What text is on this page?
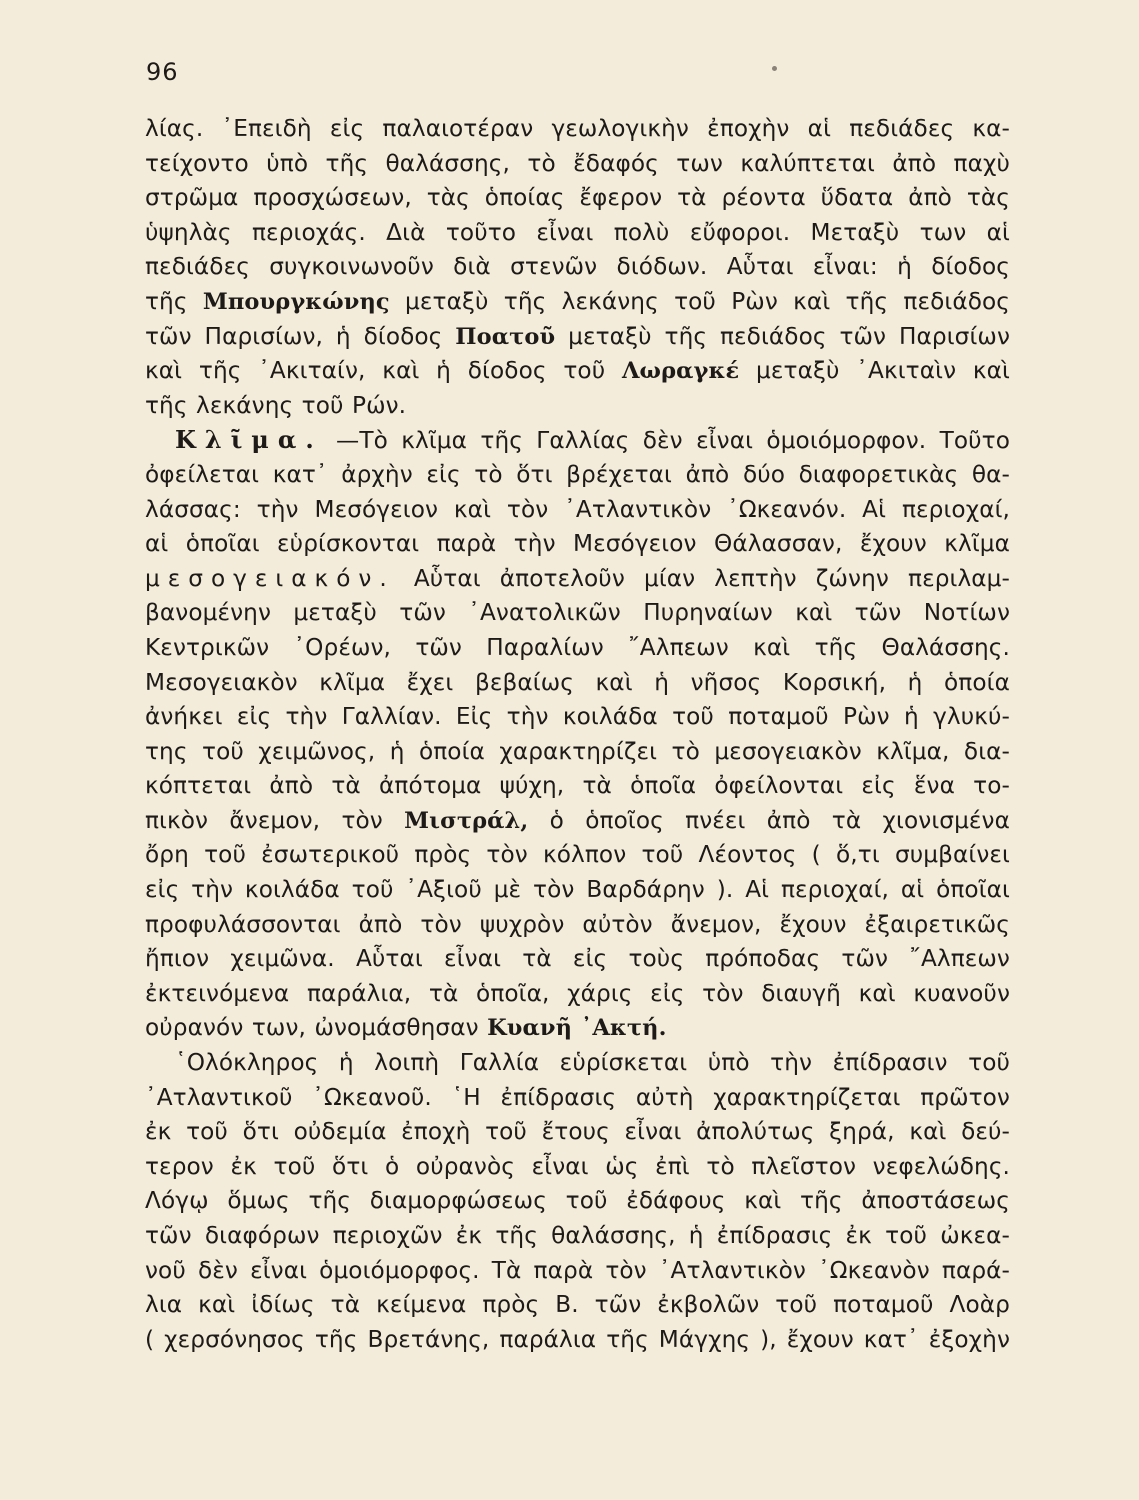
96
λίας. ᾿Επειδὴ εἰς παλαιοτέραν γεωλογικὴν ἐποχὴν αἱ πεδιάδες κα-
τείχοντο ὑπὸ τῆς θαλάσσης, τὸ ἔδαφός των καλύπτεται ἀπὸ παχὺ
στρῶμα προσχώσεων, τὰς ὁποίας ἔφερον τὰ ρέοντα ὕδατα ἀπὸ τὰς
ὑψηλὰς περιοχάς. Διὰ τοῦτο εἶναι πολὺ εὔφοροι. Μεταξὺ των αἱ
πεδιάδες συγκοινωνοῦν διὰ στενῶν διόδων. Αὗται εἶναι: ἡ δίοδος
τῆς Μπουργκώνης μεταξὺ τῆς λεκάνης τοῦ Ρὼν καὶ τῆς πεδιάδος
τῶν Παρισίων, ἡ δίοδος Ποατοῦ μεταξὺ τῆς πεδιάδος τῶν Παρισίων
καὶ τῆς ᾿Ακιταίν, καὶ ἡ δίοδος τοῦ Λωραγκέ μεταξὺ ᾿Ακιταὶν καὶ
τῆς λεκάνης τοῦ Ρών.
Κλῖμα. —Τὸ κλῖμα τῆς Γαλλίας δὲν εἶναι ὁμοιόμορφον. Τοῦτο
ὀφείλεται κατ᾿ ἀρχὴν εἰς τὸ ὅτι βρέχεται ἀπὸ δύο διαφορετικὰς θα-
λάσσας: τὴν Μεσόγειον καὶ τὸν ᾿Ατλαντικὸν ᾿Ωκεανόν. Αἱ περιοχαί,
αἱ ὁποῖαι εὑρίσκονται παρὰ τὴν Μεσόγειον Θάλασσαν, ἔχουν κλῖμα
μεσογειακόν. Αὗται ἀποτελοῦν μίαν λεπτὴν ζώνην περιλαμ-
βανομένην μεταξὺ τῶν ᾿Ανατολικῶν Πυρηναίων καὶ τῶν Νοτίων
Κεντρικῶν ᾿Ορέων, τῶν Παραλίων ῎Αλπεων καὶ τῆς Θαλάσσης.
Μεσογειακὸν κλῖμα ἔχει βεβαίως καὶ ἡ νῆσος Κορσική, ἡ ὁποία
ἀνήκει εἰς τὴν Γαλλίαν. Εἰς τὴν κοιλάδα τοῦ ποταμοῦ Ρὼν ἡ γλυκύ-
της τοῦ χειμῶνος, ἡ ὁποία χαρακτηρίζει τὸ μεσογειακὸν κλῖμα, δια-
κόπτεται ἀπὸ τὰ ἀπότομα ψύχη, τὰ ὁποῖα ὀφείλονται εἰς ἕνα το-
πικὸν ἄνεμον, τὸν Μιστράλ, ὁ ὁποῖος πνέει ἀπὸ τὰ χιονισμένα
ὄρη τοῦ ἐσωτερικοῦ πρὸς τὸν κόλπον τοῦ Λέοντος ( ὅ,τι συμβαίνει
εἰς τὴν κοιλάδα τοῦ ᾿Αξιοῦ μὲ τὸν Βαρδάρην ). Αἱ περιοχαί, αἱ ὁποῖαι
προφυλάσσονται ἀπὸ τὸν ψυχρὸν αὐτὸν ἄνεμον, ἔχουν ἐξαιρετικῶς
ἤπιον χειμῶνα. Αὗται εἶναι τὰ εἰς τοὺς πρόποδας τῶν ῎Αλπεων
ἐκτεινόμενα παράλια, τὰ ὁποῖα, χάρις εἰς τὸν διαυγῆ καὶ κυανοῦν
οὐρανόν των, ὠνομάσθησαν Κυανῆ ᾿Ακτή.
῾Ολόκληρος ἡ λοιπὴ Γαλλία εὑρίσκεται ὑπὸ τὴν ἐπίδρασιν τοῦ
᾿Ατλαντικοῦ ᾿Ωκεανοῦ. ῾Η ἐπίδρασις αὐτὴ χαρακτηρίζεται πρῶτον
ἐκ τοῦ ὅτι οὐδεμία ἐποχὴ τοῦ ἔτους εἶναι ἀπολύτως ξηρά, καὶ δεύ-
τερον ἐκ τοῦ ὅτι ὁ οὐρανὸς εἶναι ὡς ἐπὶ τὸ πλεῖστον νεφελώδης.
Λόγῳ ὅμως τῆς διαμορφώσεως τοῦ ἐδάφους καὶ τῆς ἀποστάσεως
τῶν διαφόρων περιοχῶν ἐκ τῆς θαλάσσης, ἡ ἐπίδρασις ἐκ τοῦ ὠκεα-
νοῦ δὲν εἶναι ὁμοιόμορφος. Τὰ παρὰ τὸν ᾿Ατλαντικὸν ᾿Ωκεανὸν παρά-
λια καὶ ἰδίως τὰ κείμενα πρὸς Β. τῶν ἐκβολῶν τοῦ ποταμοῦ Λοὰρ
( χερσόνησος τῆς Βρετάνης, παράλια τῆς Μάγχης ), ἔχουν κατ᾿ ἐξοχὴν
